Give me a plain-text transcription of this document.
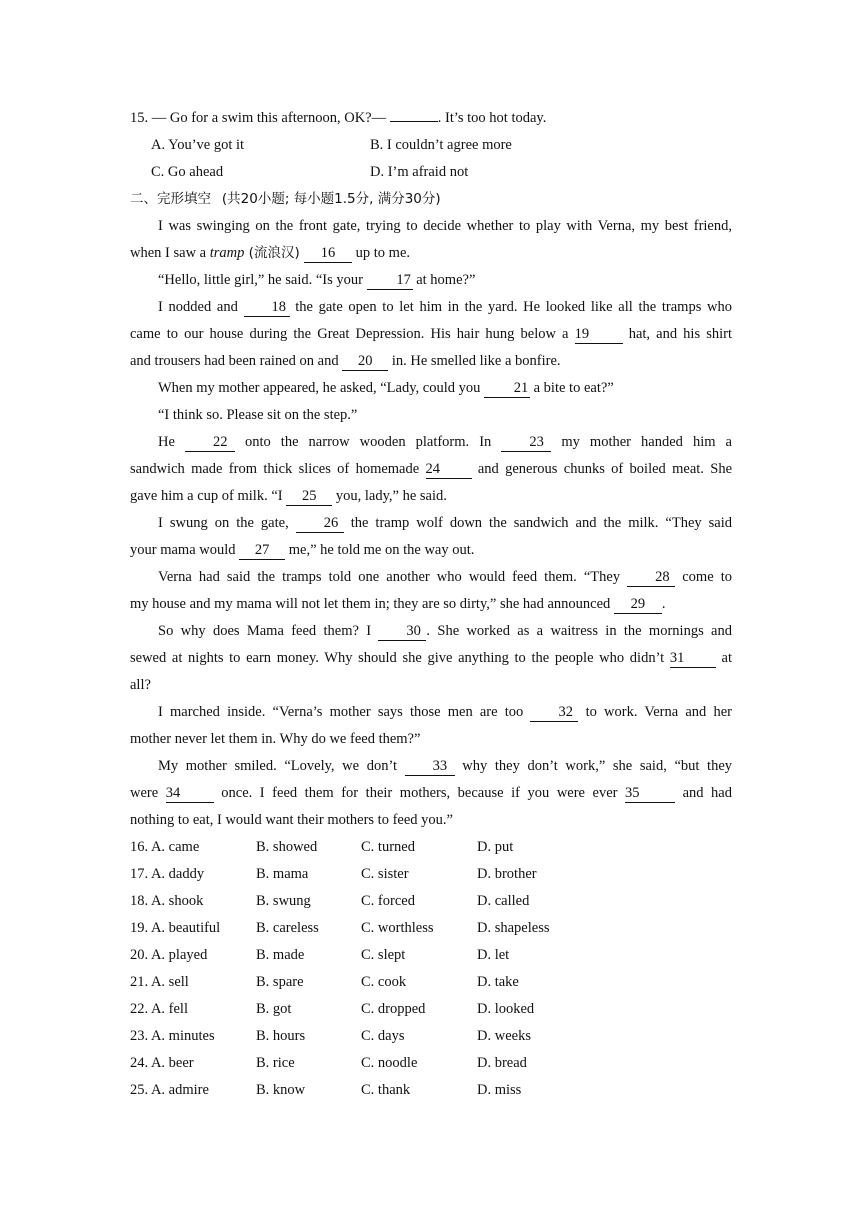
15. — Go for a swim this afternoon, OK?—	. It’s too hot today.
A. You’ve got it	B. I couldn’t agree more
C. Go ahead	D. I’m afraid not
二、完形填空 (共20小题; 每小题1.5分, 满分30分)
I was swinging on the front gate, trying to decide whether to play with Verna, my best friend,
when I saw a tramp (流浪汉) 16 up to me.
“Hello, little girl,” he said. “Is your 17 at home?”
I nodded and 18 the gate open to let him in the yard. He looked like all the tramps who
came to our house during the Great Depression. His hair hung below a 19 hat, and his shirt
and trousers had been rained on and 20 in. He smelled like a bonfire.
When my mother appeared, he asked, “Lady, could you 21 a bite to eat?”
“I think so. Please sit on the step.”
He 22 onto the narrow wooden platform. In 23 my mother handed him a
sandwich made from thick slices of homemade 24 and generous chunks of boiled meat. She
gave him a cup of milk. “I 25 you, lady,” he said.
I swung on the gate, 26 the tramp wolf down the sandwich and the milk. “They said
your mama would 27 me,” he told me on the way out.
Verna had said the tramps told one another who would feed them. “They 28 come to
my house and my mama will not let them in; they are so dirty,” she had announced 29 .
So why does Mama feed them? I 30 . She worked as a waitress in the mornings and
sewed at nights to earn money. Why should she give anything to the people who didn’t 31 at
all?
I marched inside. “Verna’s mother says those men are too 32 to work. Verna and her
mother never let them in. Why do we feed them?”
My mother smiled. “Lovely, we don’t 33 why they don’t work,” she said, “but they
were 34 once. I feed them for their mothers, because if you were ever 35 and had
nothing to eat, I would want their mothers to feed you.”
16. A. came	B. showed	C. turned	D. put
17. A. daddy	B. mama	C. sister	D. brother
18. A. shook	B. swung	C. forced	D. called
19. A. beautiful B. careless	C. worthless	D. shapeless
20. A. played	B. made	C. slept	D. let
21. A. sell	B. spare	C. cook	D. take
22. A. fell	B. got	C. dropped	D. looked
23. A. minutes	B. hours	C. days	D. weeks
24. A. beer	B. rice	C. noodle	D. bread
25. A. admire	B. know	C. thank	D. miss
